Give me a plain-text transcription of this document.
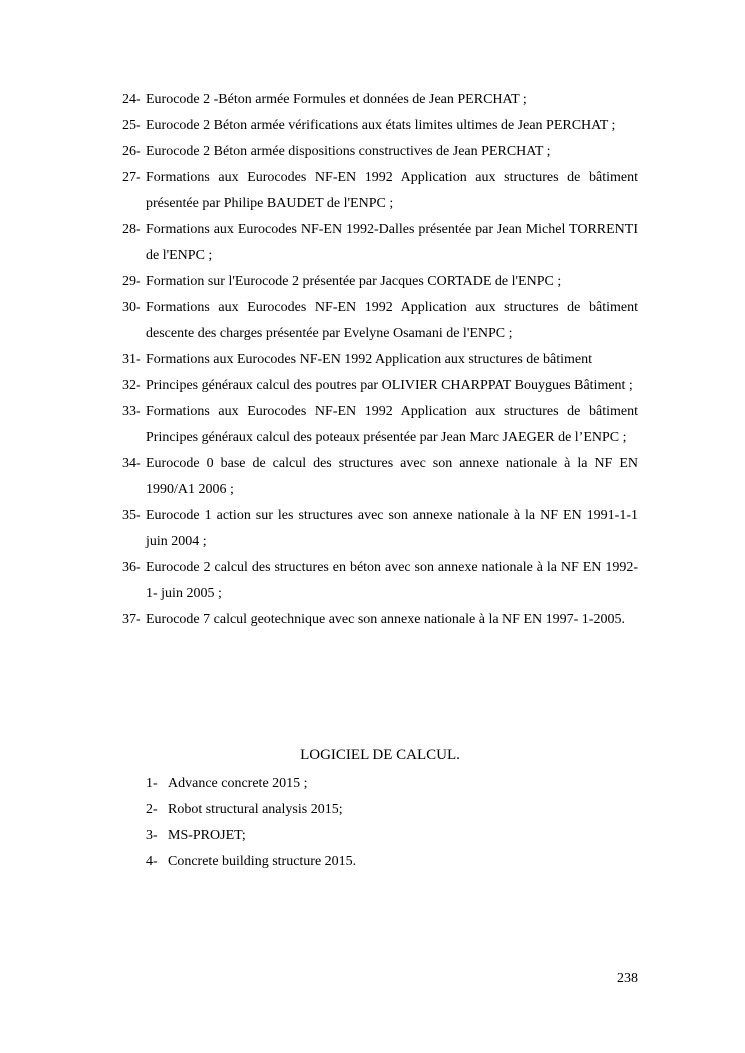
24- Eurocode 2 -Béton armée Formules et données de Jean PERCHAT ;
25- Eurocode 2 Béton armée vérifications aux états limites ultimes de Jean PERCHAT ;
26- Eurocode 2 Béton armée dispositions constructives de Jean PERCHAT ;
27- Formations aux Eurocodes NF-EN 1992 Application aux structures de bâtiment présentée par Philipe BAUDET de l'ENPC ;
28- Formations aux Eurocodes NF-EN 1992-Dalles présentée par Jean Michel TORRENTI de l'ENPC ;
29- Formation sur l'Eurocode 2 présentée par Jacques CORTADE de l'ENPC ;
30- Formations aux Eurocodes NF-EN 1992 Application aux structures de bâtiment descente des charges présentée par Evelyne Osamani de l'ENPC ;
31- Formations aux Eurocodes NF-EN 1992 Application aux structures de bâtiment
32- Principes généraux calcul des poutres par OLIVIER CHARPPAT Bouygues Bâtiment ;
33- Formations aux Eurocodes NF-EN 1992 Application aux structures de bâtiment Principes généraux calcul des poteaux présentée par Jean Marc JAEGER de l’ENPC ;
34- Eurocode 0 base de calcul des structures avec son annexe nationale à la NF EN 1990/A1 2006 ;
35- Eurocode 1 action sur les structures avec son annexe nationale à la NF EN 1991-1-1 juin 2004 ;
36- Eurocode 2 calcul des structures en béton avec son annexe nationale à la NF EN 1992-1- juin 2005 ;
37- Eurocode 7 calcul geotechnique avec son annexe nationale à la NF EN 1997- 1-2005.
LOGICIEL DE CALCUL.
1- Advance concrete 2015 ;
2- Robot structural analysis 2015;
3- MS-PROJET;
4- Concrete building structure 2015.
238
